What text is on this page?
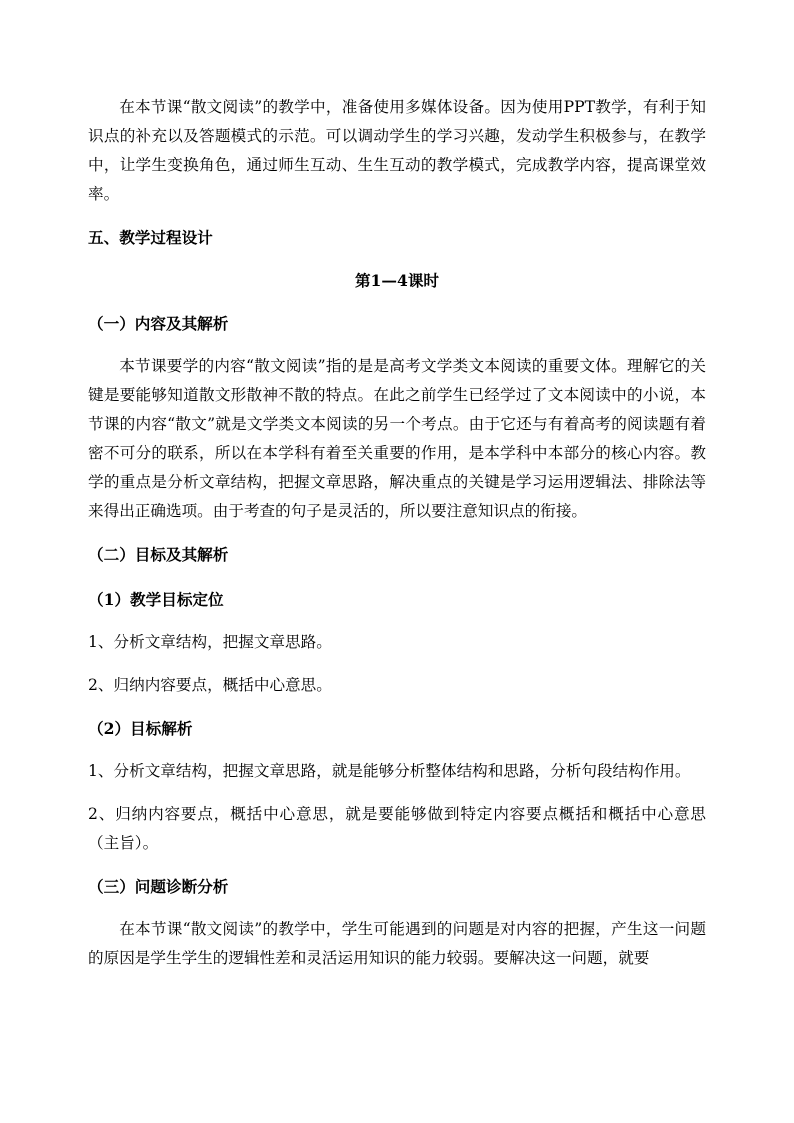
在本节课“散文阅读”的教学中，准备使用多媒体设备。因为使用PPT教学，有利于知识点的补充以及答题模式的示范。可以调动学生的学习兴趣，发动学生积极参与，在教学中，让学生变换角色，通过师生互动、生生互动的教学模式，完成教学内容，提高课堂效率。

五、教学过程设计

第1—4课时

（一）内容及其解析

本节课要学的内容“散文阅读”指的是是高考文学类文本阅读的重要文体。理解它的关键是要能够知道散文形散神不散的特点。在此之前学生已经学过了文本阅读中的小说，本节课的内容“散文”就是文学类文本阅读的另一个考点。由于它还与有着高考的阅读题有着密不可分的联系，所以在本学科有着至关重要的作用，是本学科中本部分的核心内容。教学的重点是分析文章结构，把握文章思路，解决重点的关键是学习运用逻辑法、排除法等来得出正确选项。由于考查的句子是灵活的，所以要注意知识点的衔接。

（二）目标及其解析

（1）教学目标定位

1、分析文章结构，把握文章思路。

2、归纳内容要点，概括中心意思。

（2）目标解析

1、分析文章结构，把握文章思路，就是能够分析整体结构和思路，分析句段结构作用。

2、归纳内容要点，概括中心意思，就是要能够做到特定内容要点概括和概括中心意思（主旨）。

（三）问题诊断分析

在本节课“散文阅读”的教学中，学生可能遇到的问题是对内容的把握，产生这一问题的原因是学生学生的逻辑性差和灵活运用知识的能力较弱。要解决这一问题，就要
